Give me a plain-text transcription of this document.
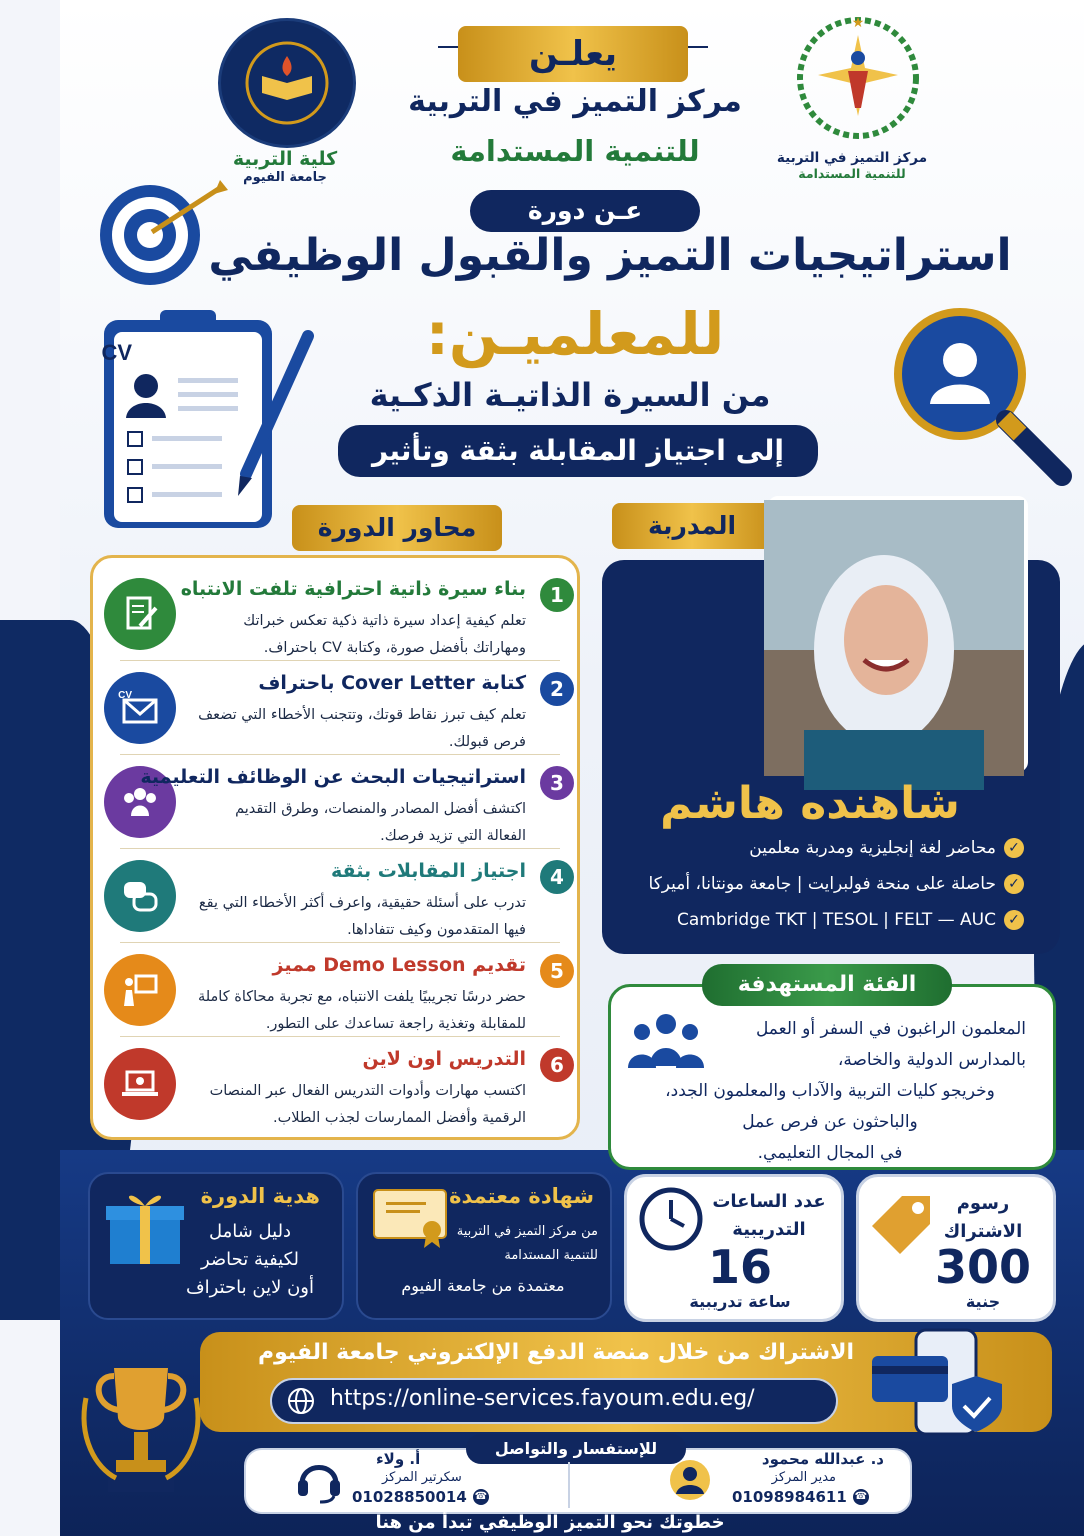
كلية التربية
جامعة الفيوم
★
مركز التميز في التربية
للتنمية المستدامة
يعلـن
مركز التميز في التربية
للتنمية المستدامة
عـن دورة
استراتيجيات التميز والقبول الوظيفي
للمعلميـن:
من السيرة الذاتيـة الذكـية
إلى اجتياز المقابلة بثقة وتأثير
CV
محاور الدورة
1
بناء سيرة ذاتية احترافية تلفت الانتباه
تعلم كيفية إعداد سيرة ذاتية ذكية تعكس خبراتك ومهاراتك بأفضل صورة، وكتابة CV باحتراف.
CV	2
كتابة Cover Letter باحتراف
تعلم كيف تبرز نقاط قوتك، وتتجنب الأخطاء التي تضعف فرص قبولك.
3
استراتيجيات البحث عن الوظائف التعليمية
اكتشف أفضل المصادر والمنصات، وطرق التقديم الفعالة التي تزيد فرصك.
4
اجتياز المقابلات بثقة
تدرب على أسئلة حقيقية، واعرف أكثر الأخطاء التي يقع فيها المتقدمون وكيف تتفاداها.
5
تقديم Demo Lesson مميز
حضر درسًا تجريبيًا يلفت الانتباه، مع تجربة محاكاة كاملة للمقابلة وتغذية راجعة تساعدك على التطور.
6
التدريس اون لاين
اكتسب مهارات وأدوات التدريس الفعال عبر المنصات الرقمية وأفضل الممارسات لجذب الطلاب.
المدربة
شاهنده هاشم
✓
محاضر لغة إنجليزية ومدربة معلمين
✓
حاصلة على منحة فولبرايت | جامعة مونتانا، أميركا
✓
Cambridge TKT | TESOL | FELT — AUC
الفئة المستهدفة
المعلمون الراغبون في السفر أو العمل
بالمدارس الدولية والخاصة،
وخريجو كليات التربية والآداب والمعلمون الجدد،
والباحثون عن فرص عمل
في المجال التعليمي.
هدية الدورة
دليل شامل
لكيفية تحاضر
أون لاين باحتراف
شهادة معتمدة
من مركز التميز في التربية
للتنمية المستدامة
معتمدة من جامعة الفيوم
عدد الساعات
التدريبية
16
ساعة تدريبية
رسوم
الاشتراك
300
جنية
الاشتراك من خلال منصة الدفع الإلكتروني جامعة الفيوم
https://online-services.fayoum.edu.eg/
للإستفسار والتواصل
د. عبدالله محمود
مدير المركز
☎
01098984611
أ. ولاء
سكرتير المركز
☎
01028850014
خطوتك نحو التميز الوظيفي تبدأ من هنا
